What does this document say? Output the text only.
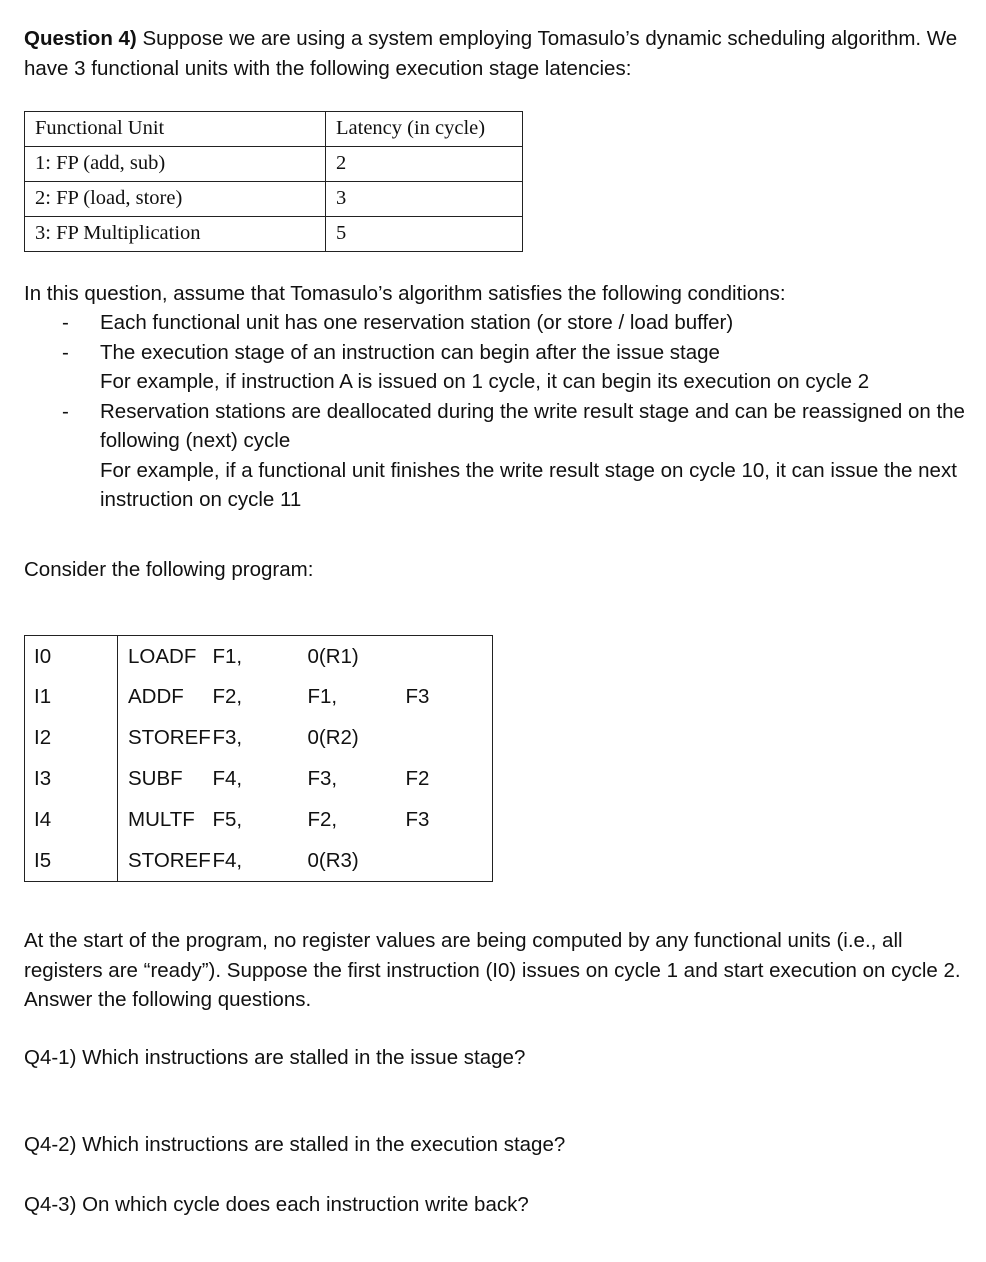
Question 4) Suppose we are using a system employing Tomasulo’s dynamic scheduling algorithm. We have 3 functional units with the following execution stage latencies:

Functional Unit	Latency (in cycle)
1: FP (add, sub)	2
2: FP (load, store)	3
3: FP Multiplication	5

In this question, assume that Tomasulo’s algorithm satisfies the following conditions:

- Each functional unit has one reservation station (or store / load buffer)
- The execution stage of an instruction can begin after the issue stage
For example, if instruction A is issued on 1 cycle, it can begin its execution on cycle 2
- Reservation stations are deallocated during the write result stage and can be reassigned on the following (next) cycle
For example, if a functional unit finishes the write result stage on cycle 10, it can issue the next instruction on cycle 11

Consider the following program:

I0	LOADF	F1,	0(R1)	
I1	ADDF	F2,	F1,	F3
I2	STOREF	F3,	0(R2)	
I3	SUBF	F4,	F3,	F2
I4	MULTF	F5,	F2,	F3
I5	STOREF	F4,	0(R3)	

At the start of the program, no register values are being computed by any functional units (i.e., all registers are “ready”). Suppose the first instruction (I0) issues on cycle 1 and start execution on cycle 2. Answer the following questions.

Q4-1) Which instructions are stalled in the issue stage?

Q4-2) Which instructions are stalled in the execution stage?

Q4-3) On which cycle does each instruction write back?
